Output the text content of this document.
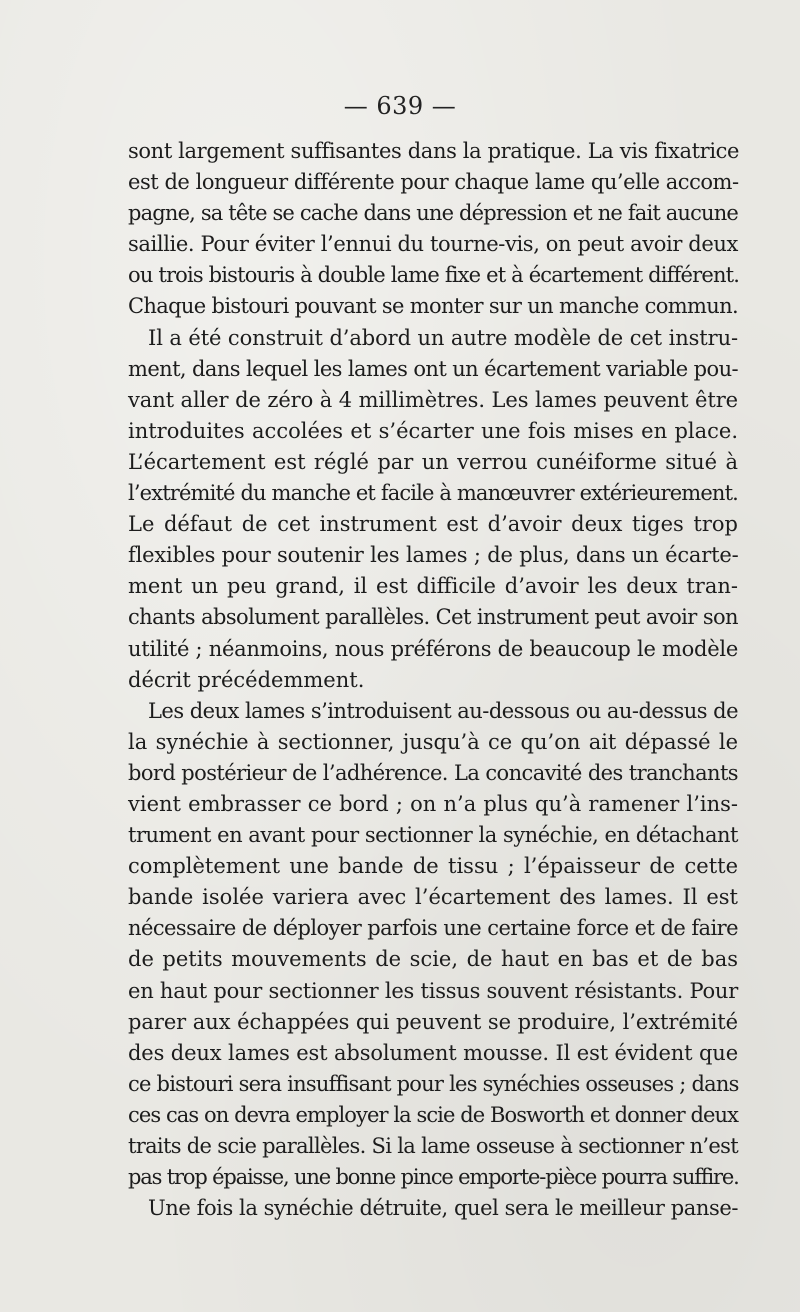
— 639 —
sont largement suffisantes dans la pratique. La vis fixatrice
est de longueur différente pour chaque lame qu’elle accom-
pagne, sa tête se cache dans une dépression et ne fait aucune
saillie. Pour éviter l’ennui du tourne-vis, on peut avoir deux
ou trois bistouris à double lame fixe et à écartement différent.
Chaque bistouri pouvant se monter sur un manche commun.
Il a été construit d’abord un autre modèle de cet instru-
ment, dans lequel les lames ont un écartement variable pou-
vant aller de zéro à 4 millimètres. Les lames peuvent être
introduites accolées et s’écarter une fois mises en place.
L’écartement est réglé par un verrou cunéiforme situé à
l’extrémité du manche et facile à manœuvrer extérieurement.
Le défaut de cet instrument est d’avoir deux tiges trop
flexibles pour soutenir les lames ; de plus, dans un écarte-
ment un peu grand, il est difficile d’avoir les deux tran-
chants absolument parallèles. Cet instrument peut avoir son
utilité ; néanmoins, nous préférons de beaucoup le modèle
décrit précédemment.
Les deux lames s’introduisent au-dessous ou au-dessus de
la synéchie à sectionner, jusqu’à ce qu’on ait dépassé le
bord postérieur de l’adhérence. La concavité des tranchants
vient embrasser ce bord ; on n’a plus qu’à ramener l’ins-
trument en avant pour sectionner la synéchie, en détachant
complètement une bande de tissu ; l’épaisseur de cette
bande isolée variera avec l’écartement des lames. Il est
nécessaire de déployer parfois une certaine force et de faire
de petits mouvements de scie, de haut en bas et de bas
en haut pour sectionner les tissus souvent résistants. Pour
parer aux échappées qui peuvent se produire, l’extrémité
des deux lames est absolument mousse. Il est évident que
ce bistouri sera insuffisant pour les synéchies osseuses ; dans
ces cas on devra employer la scie de Bosworth et donner deux
traits de scie parallèles. Si la lame osseuse à sectionner n’est
pas trop épaisse, une bonne pince emporte-pièce pourra suffire.
Une fois la synéchie détruite, quel sera le meilleur panse-
